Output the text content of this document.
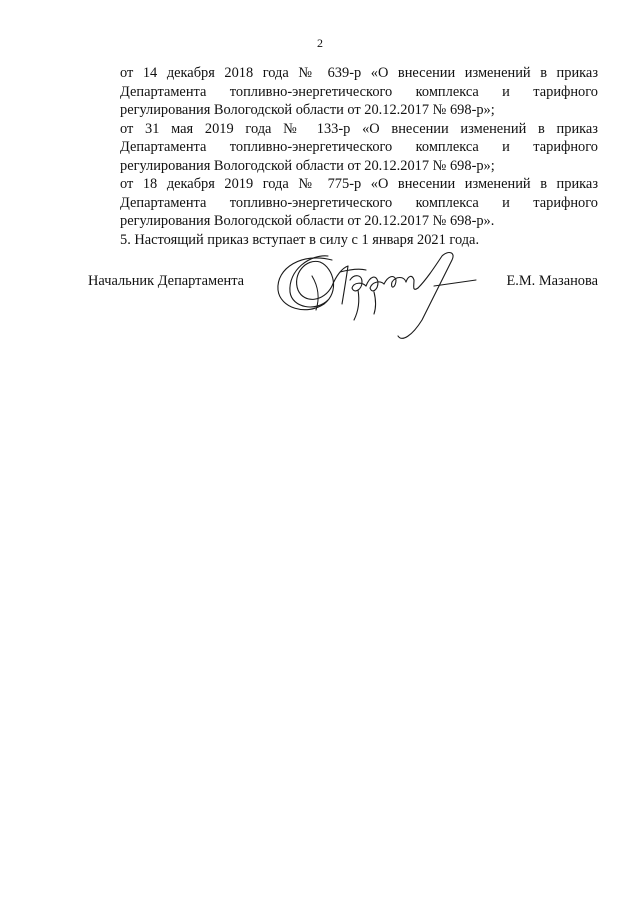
2

от 14 декабря 2018 года № 639-р «О внесении изменений в приказ
Департамента топливно-энергетического комплекса и тарифного
регулирования Вологодской области от 20.12.2017 № 698-р»;

от 31 мая 2019 года № 133-р «О внесении изменений в приказ
Департамента топливно-энергетического комплекса и тарифного
регулирования Вологодской области от 20.12.2017 № 698-р»;

от 18 декабря 2019 года № 775-р «О внесении изменений в приказ
Департамента топливно-энергетического комплекса и тарифного
регулирования Вологодской области от 20.12.2017 № 698-р».

5. Настоящий приказ вступает в силу с 1 января 2021 года.

Начальник Департамента	Е.М. Мазанова
